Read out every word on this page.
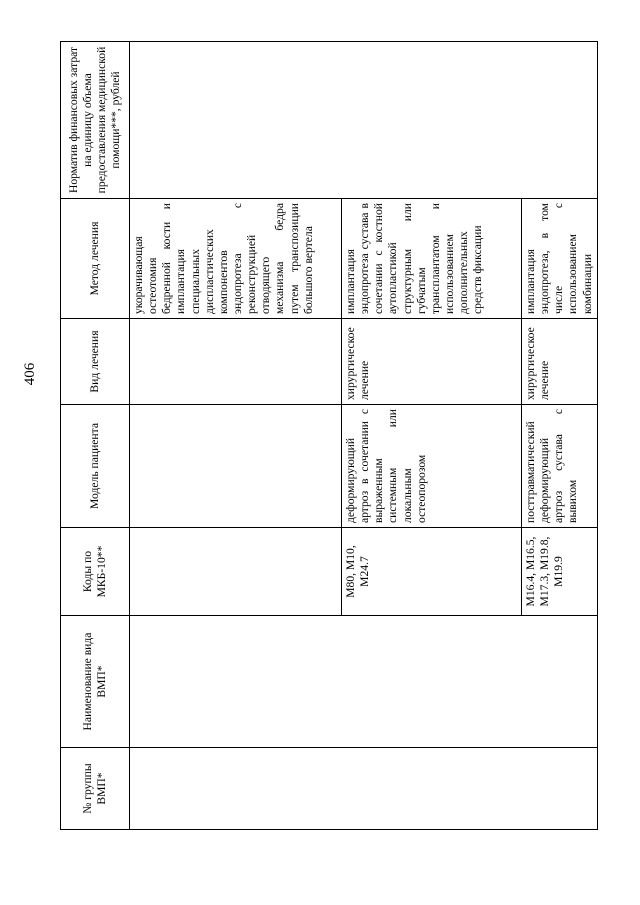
406
№ группы ВМП*	Наименование вида ВМП*	Коды по МКБ-10**	Модель пациента	Вид лечения	Метод лечения	Норматив финансовых затрат на единицу объема предоставления медицинской помощи***, рублей
					укорачивающая остеотомия бедренной кости и имплантация специальных диспластических компонентов эндопротеза с реконструкцией отводящего механизма бедра путем транспозиции большого вертела	
		M80, M10, M24.7	деформирующий артроз в сочетании с выраженным системным или локальным остеопорозом	хирургическое лечение	имплантация эндопротеза сустава в сочетании с костной аутопластикой структурным или губчатым трансплантатом и использованием дополнительных средств фиксации	
		M16.4, M16.5, M17.3, M19.8, M19.9	посттравматический деформирующий артроз сустава с вывихом	хирургическое лечение	имплантация эндопротеза, в том числе с использованием комбинации	
